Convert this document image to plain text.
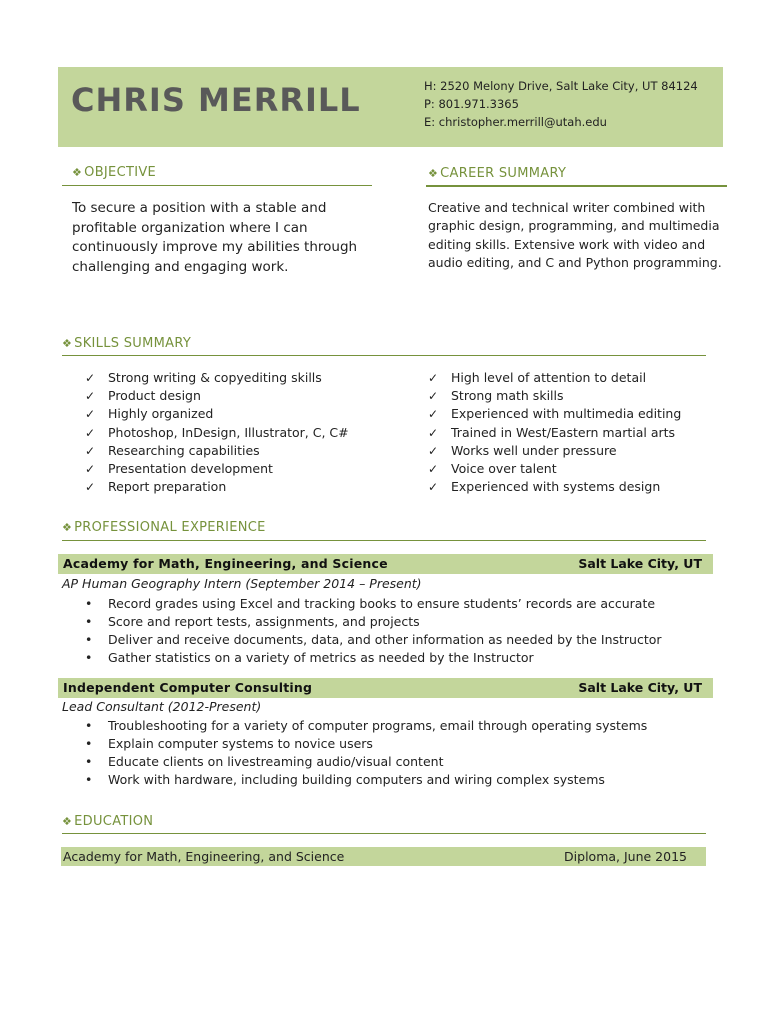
CHRIS MERRILL	H: 2520 Melony Drive, Salt Lake City, UT 84124
P: 801.971.3365
E: christopher.merrill@utah.edu
❖ OBJECTIVE
To secure a position with a stable and profitable organization where I can continuously improve my abilities through challenging and engaging work.
❖ CAREER SUMMARY
Creative and technical writer combined with graphic design, programming, and multimedia editing skills. Extensive work with video and audio editing, and C and Python programming.
❖ SKILLS SUMMARY
✓ Strong writing & copyediting skills
✓ Product design
✓ Highly organized
✓ Photoshop, InDesign, Illustrator, C, C#
✓ Researching capabilities
✓ Presentation development
✓ Report preparation
✓ High level of attention to detail
✓ Strong math skills
✓ Experienced with multimedia editing
✓ Trained in West/Eastern martial arts
✓ Works well under pressure
✓ Voice over talent
✓ Experienced with systems design
❖ PROFESSIONAL EXPERIENCE
Academy for Math, Engineering, and Science	Salt Lake City, UT
AP Human Geography Intern (September 2014 – Present)
• Record grades using Excel and tracking books to ensure students’ records are accurate
• Score and report tests, assignments, and projects
• Deliver and receive documents, data, and other information as needed by the Instructor
• Gather statistics on a variety of metrics as needed by the Instructor
Independent Computer Consulting	Salt Lake City, UT
Lead Consultant (2012-Present)
• Troubleshooting for a variety of computer programs, email through operating systems
• Explain computer systems to novice users
• Educate clients on livestreaming audio/visual content
• Work with hardware, including building computers and wiring complex systems
❖ EDUCATION
Academy for Math, Engineering, and Science	Diploma, June 2015
